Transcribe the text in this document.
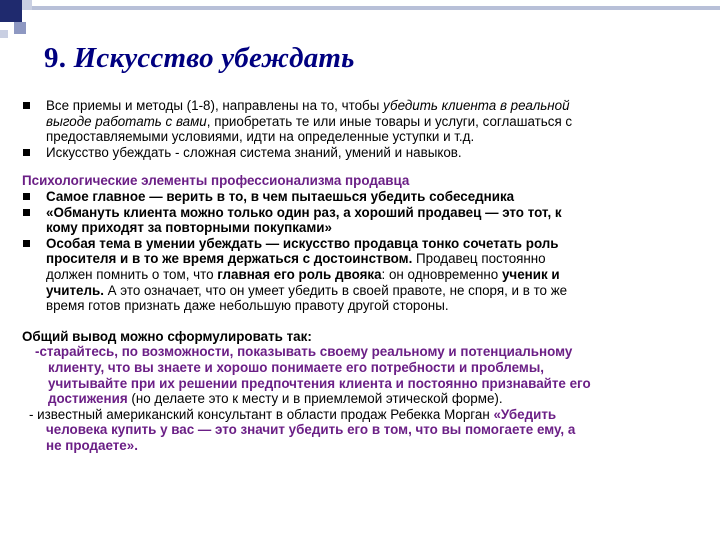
9. Искусство убеждать

Все приемы и методы (1-8), направлены на то, чтобы убедить клиента в реальной

выгоде работать с вами, приобретать те или иные товары и услуги, соглашаться с

предоставляемыми условиями, идти на определенные уступки и т.д.

Искусство убеждать - сложная система знаний, умений и навыков.

Психологические элементы профессионализма продавца

Самое главное — верить в то, в чем пытаешься убедить собеседника

«Обмануть клиента можно только один раз, а хороший продавец — это тот, к

кому приходят за повторными покупками»

Особая тема в умении убеждать — искусство продавца тонко сочетать роль

просителя и в то же время держаться с достоинством. Продавец постоянно

должен помнить о том, что главная его роль двояка: он одновременно ученик и

учитель. А это означает, что он умеет убедить в своей правоте, не споря, и в то же

время готов признать даже небольшую правоту другой стороны.

Общий вывод можно сформулировать так:

-старайтесь, по возможности, показывать своему реальному и потенциальному

клиенту, что вы знаете и хорошо понимаете его потребности и проблемы,

учитывайте при их решении предпочтения клиента и постоянно признавайте его

достижения (но делаете это к месту и в приемлемой этической форме).

- известный американский консультант в области продаж Ребекка Морган «Убедить

человека купить у вас — это значит убедить его в том, что вы помогаете ему, а

не продаете».
